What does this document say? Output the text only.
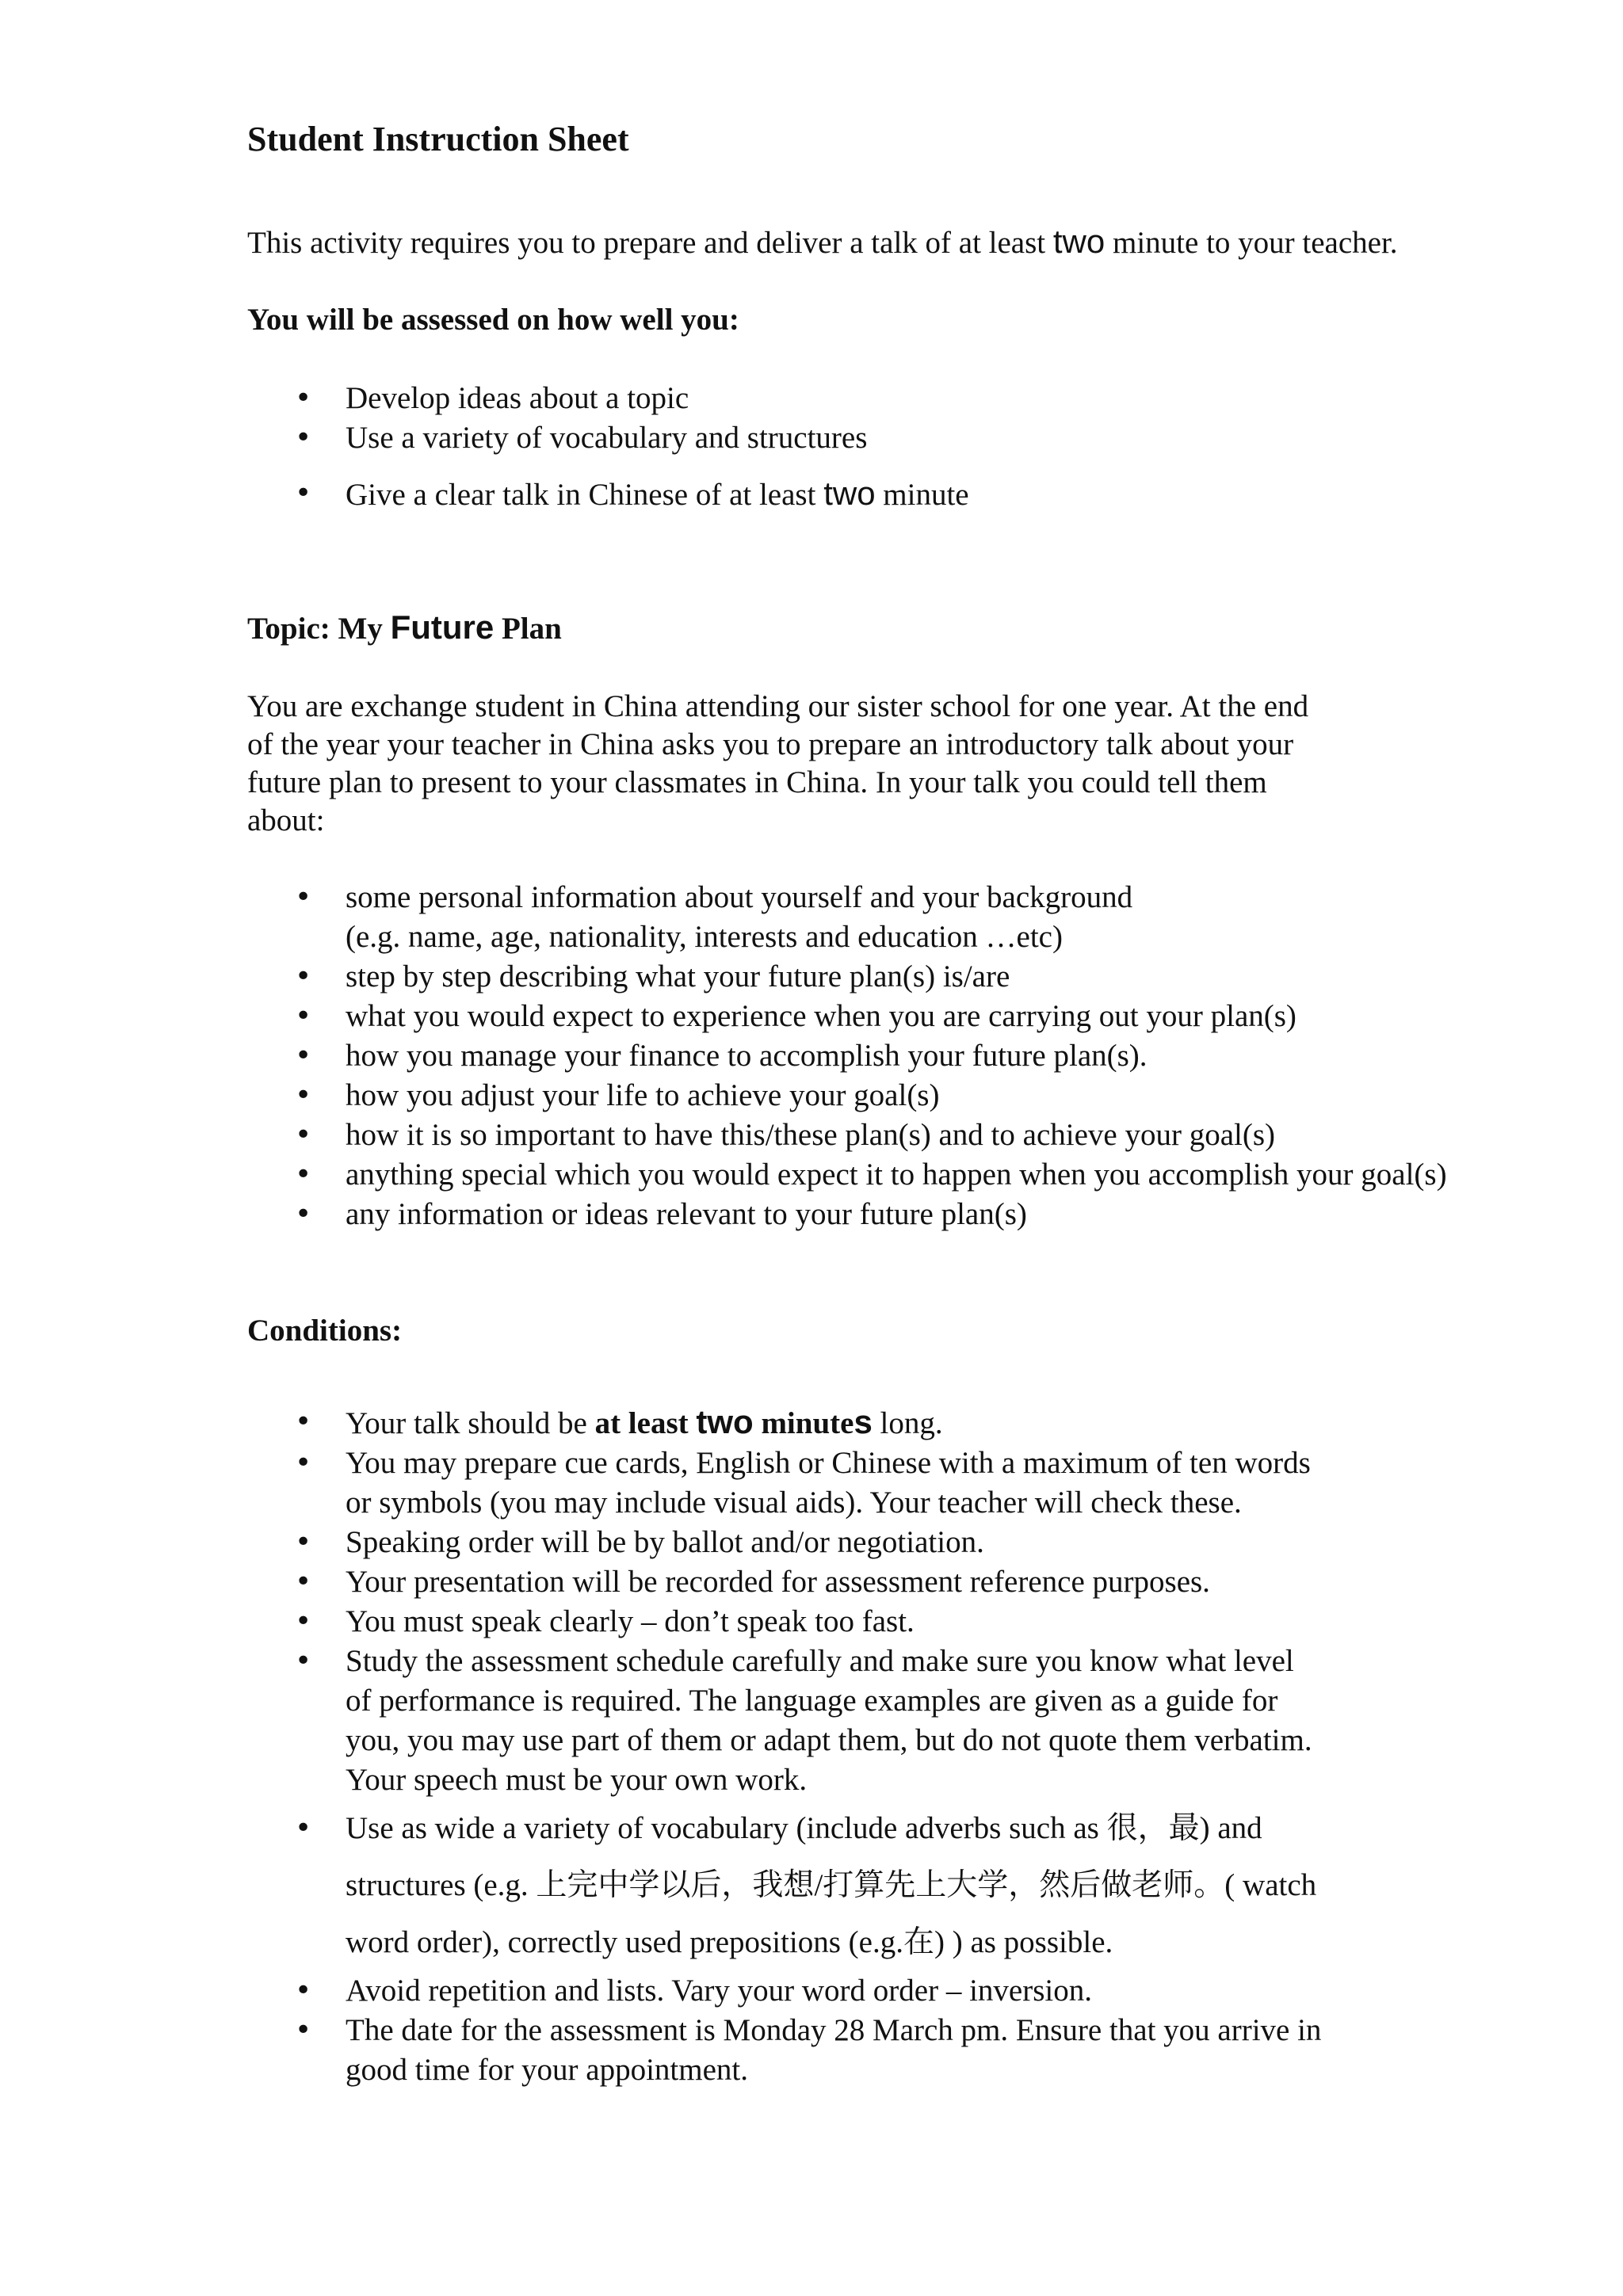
Student Instruction Sheet
This activity requires you to prepare and deliver a talk of at least two minute to your teacher.
You will be assessed on how well you:
• Develop ideas about a topic
• Use a variety of vocabulary and structures
• Give a clear talk in Chinese of at least two minute
Topic: My Future Plan
You are exchange student in China attending our sister school for one year. At the end
of the year your teacher in China asks you to prepare an introductory talk about your
future plan to present to your classmates in China. In your talk you could tell them
about:
• some personal information about yourself and your background
(e.g. name, age, nationality, interests and education …etc)
• step by step describing what your future plan(s) is/are
• what you would expect to experience when you are carrying out your plan(s)
• how you manage your finance to accomplish your future plan(s).
• how you adjust your life to achieve your goal(s)
• how it is so important to have this/these plan(s) and to achieve your goal(s)
• anything special which you would expect it to happen when you accomplish your goal(s)
• any information or ideas relevant to your future plan(s)
Conditions:
• Your talk should be at least two minutes long.
• You may prepare cue cards, English or Chinese with a maximum of ten words
or symbols (you may include visual aids). Your teacher will check these.
• Speaking order will be by ballot and/or negotiation.
• Your presentation will be recorded for assessment reference purposes.
• You must speak clearly – don’t speak too fast.
• Study the assessment schedule carefully and make sure you know what level
of performance is required. The language examples are given as a guide for
you, you may use part of them or adapt them, but do not quote them verbatim.
Your speech must be your own work.
• Use as wide a variety of vocabulary (include adverbs such as 很，最) and
structures (e.g. 上完中学以后，我想/打算先上大学，然后做老师。( watch
word order), correctly used prepositions (e.g.在) ) as possible.
• Avoid repetition and lists. Vary your word order – inversion.
• The date for the assessment is Monday 28 March pm. Ensure that you arrive in
good time for your appointment.
